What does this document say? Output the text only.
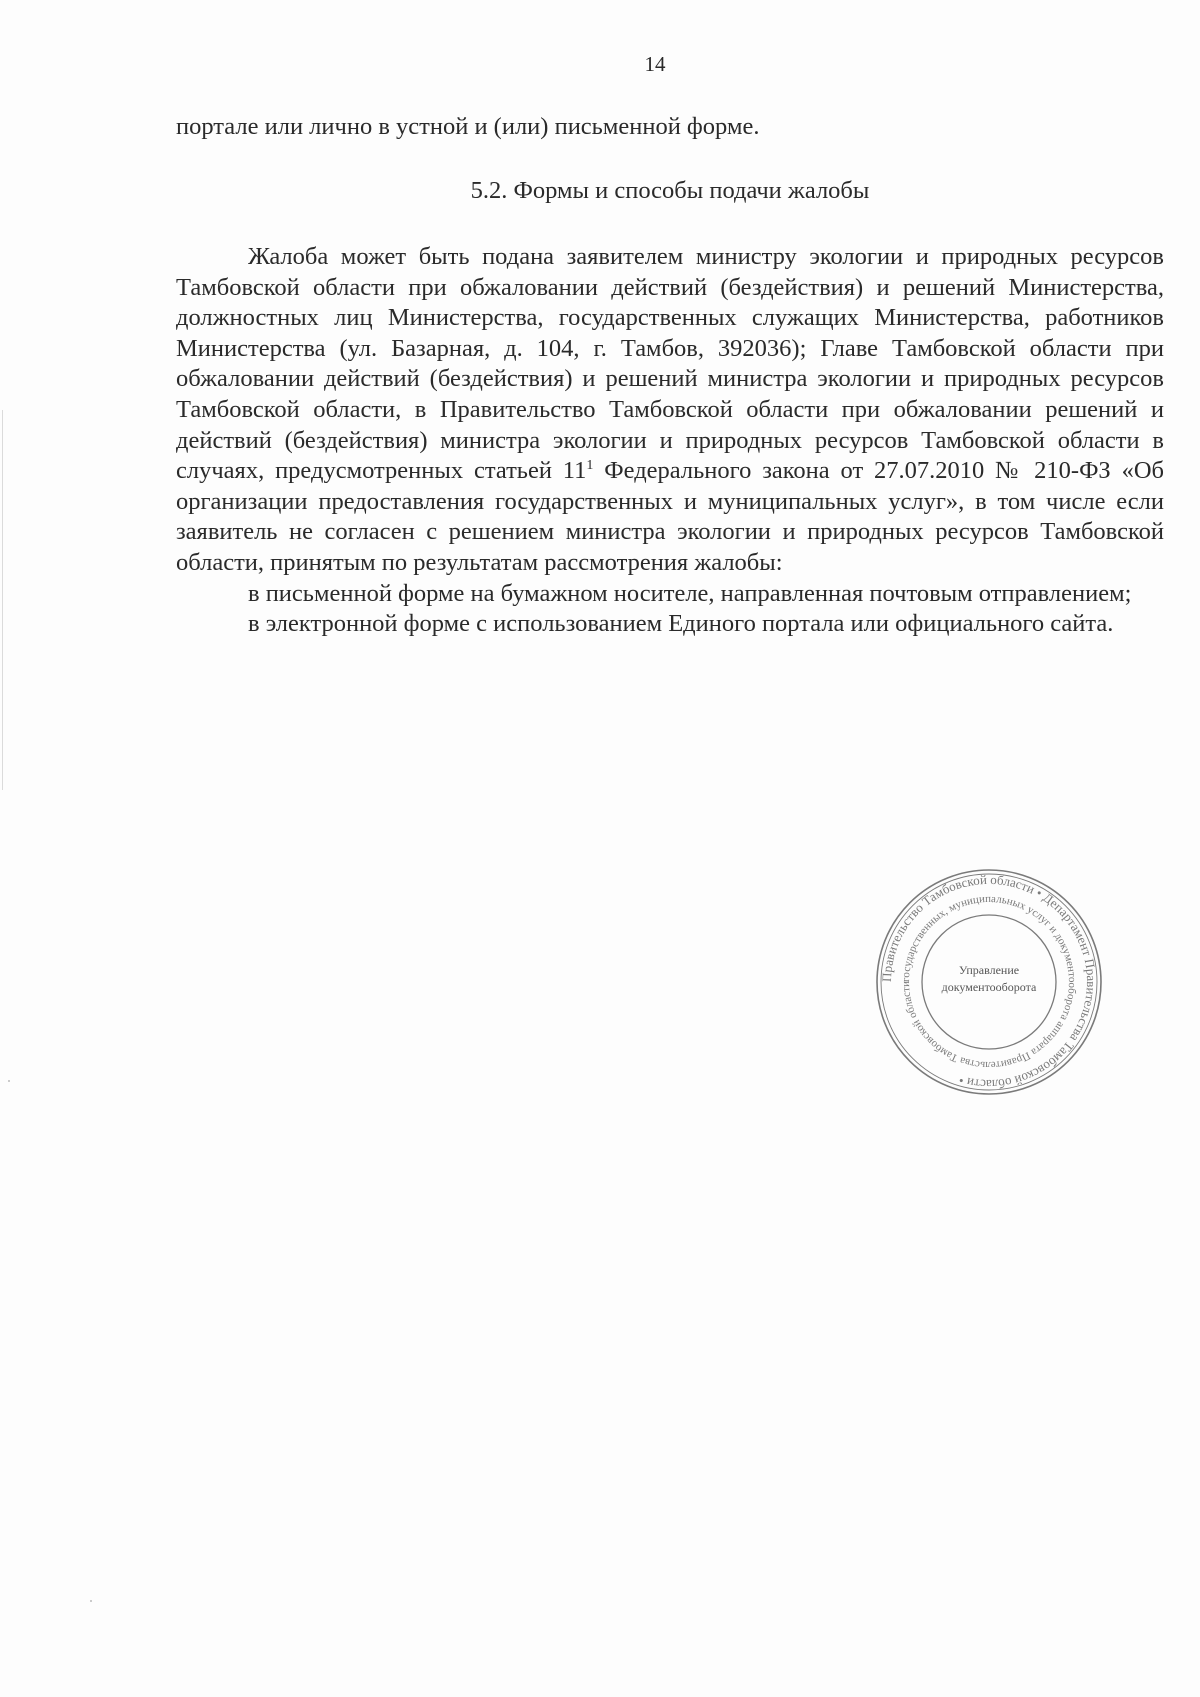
14
портале или лично в устной и (или) письменной форме.
5.2. Формы и способы подачи жалобы

Жалоба может быть подана заявителем министру экологии и природных ресурсов Тамбовской области при обжаловании действий (бездействия) и решений Министерства, должностных лиц Министерства, государственных служащих Министерства, работников Министерства (ул. Базарная, д. 104, г. Тамбов, 392036); Главе Тамбовской области при обжаловании действий (бездействия) и решений министра экологии и природных ресурсов Тамбовской области, в Правительство Тамбовской области при обжаловании решений и действий (бездействия) министра экологии и природных ресурсов Тамбовской области в случаях, предусмотренных статьей $11^1$ Федерального закона от 27.07.2010 № 210-ФЗ «Об организации предоставления государственных и муниципальных услуг», в том числе если заявитель не согласен с решением министра экологии и природных ресурсов Тамбовской области, принятым по результатам рассмотрения жалобы:

в письменной форме на бумажном носителе, направленная почтовым отправлением;

в электронной форме с использованием Единого портала или официального сайта.

Правительство Тамбовской области • Департамент Правительства Тамбовской области •
государственных, муниципальных услуг и документооборота аппарата Правительства Тамбовской области
Управление
документооборота
